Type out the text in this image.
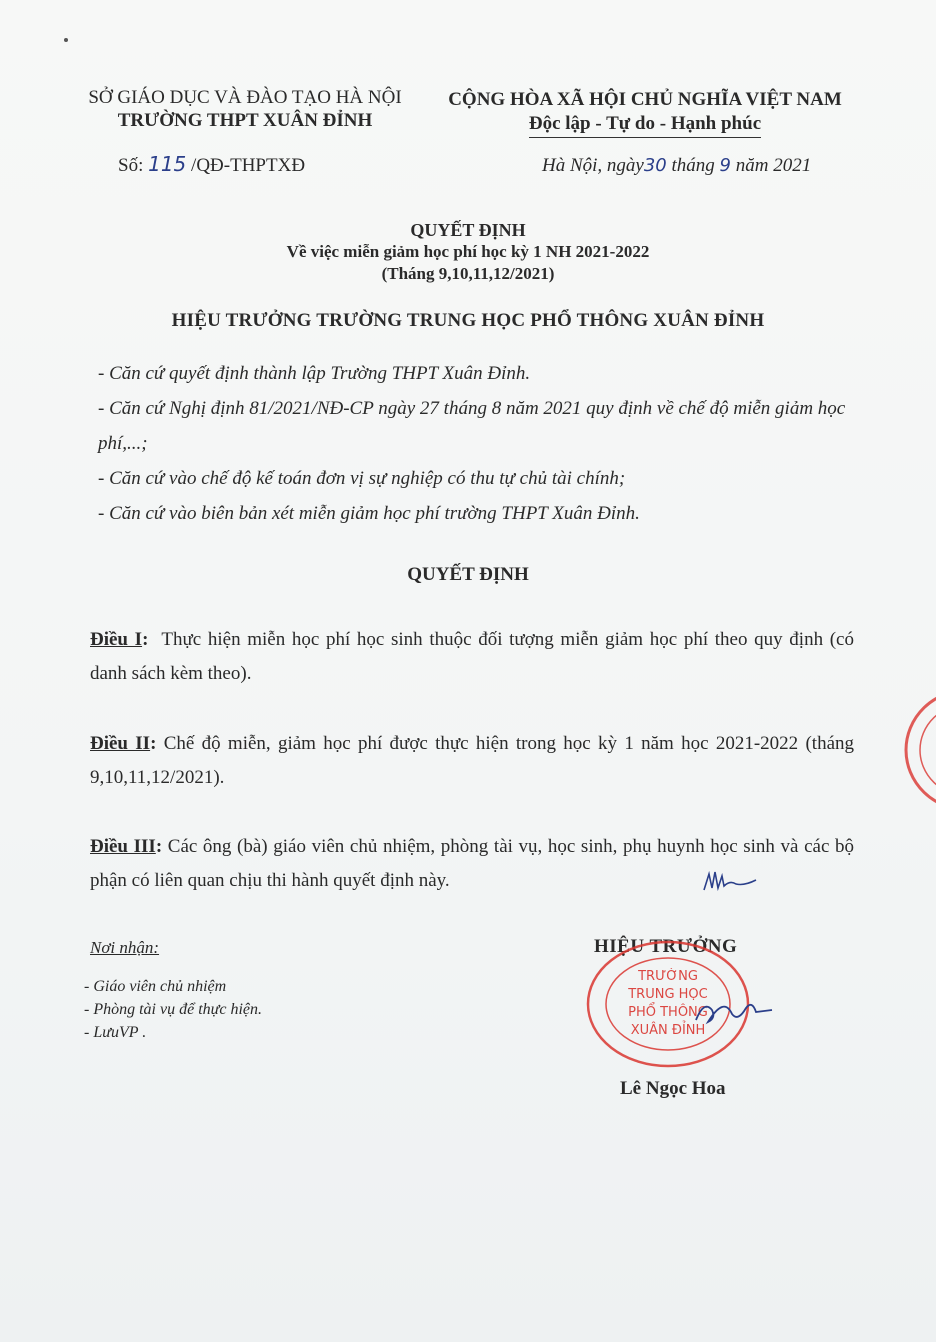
SỞ GIÁO DỤC VÀ ĐÀO TẠO HÀ NỘI
TRƯỜNG THPT XUÂN ĐỈNH
CỘNG HÒA XÃ HỘI CHỦ NGHĨA VIỆT NAM
Độc lập - Tự do - Hạnh phúc
Số: 115 /QĐ-THPTXĐ	Hà Nội, ngày30 tháng 9 năm 2021
QUYẾT ĐỊNH
Về việc miễn giảm học phí học kỳ 1 NH 2021-2022
(Tháng 9,10,11,12/2021)
HIỆU TRƯỞNG TRƯỜNG TRUNG HỌC PHỔ THÔNG XUÂN ĐỈNH

- Căn cứ quyết định thành lập Trường THPT Xuân Đỉnh.

- Căn cứ Nghị định 81/2021/NĐ-CP ngày 27 tháng 8 năm 2021 quy định về chế độ miễn giảm học phí,...;

- Căn cứ vào chế độ kế toán đơn vị sự nghiệp có thu tự chủ tài chính;

- Căn cứ vào biên bản xét miễn giảm học phí trường THPT Xuân Đỉnh.

QUYẾT ĐỊNH
Điều I: Thực hiện miễn học phí học sinh thuộc đối tượng miễn giảm học phí theo quy định (có danh sách kèm theo).
Điều II: Chế độ miễn, giảm học phí được thực hiện trong học kỳ 1 năm học 2021-2022 (tháng 9,10,11,12/2021).
Điều III: Các ông (bà) giáo viên chủ nhiệm, phòng tài vụ, học sinh, phụ huynh học sinh và các bộ phận có liên quan chịu thi hành quyết định này.
Nơi nhận:

- Giáo viên chủ nhiệm

- Phòng tài vụ để thực hiện.

- LưuVP .

HIỆU TRƯỞNG
TRƯỜNG
TRUNG HỌC
PHỔ THÔNG
XUÂN ĐỈNH
Lê Ngọc Hoa
